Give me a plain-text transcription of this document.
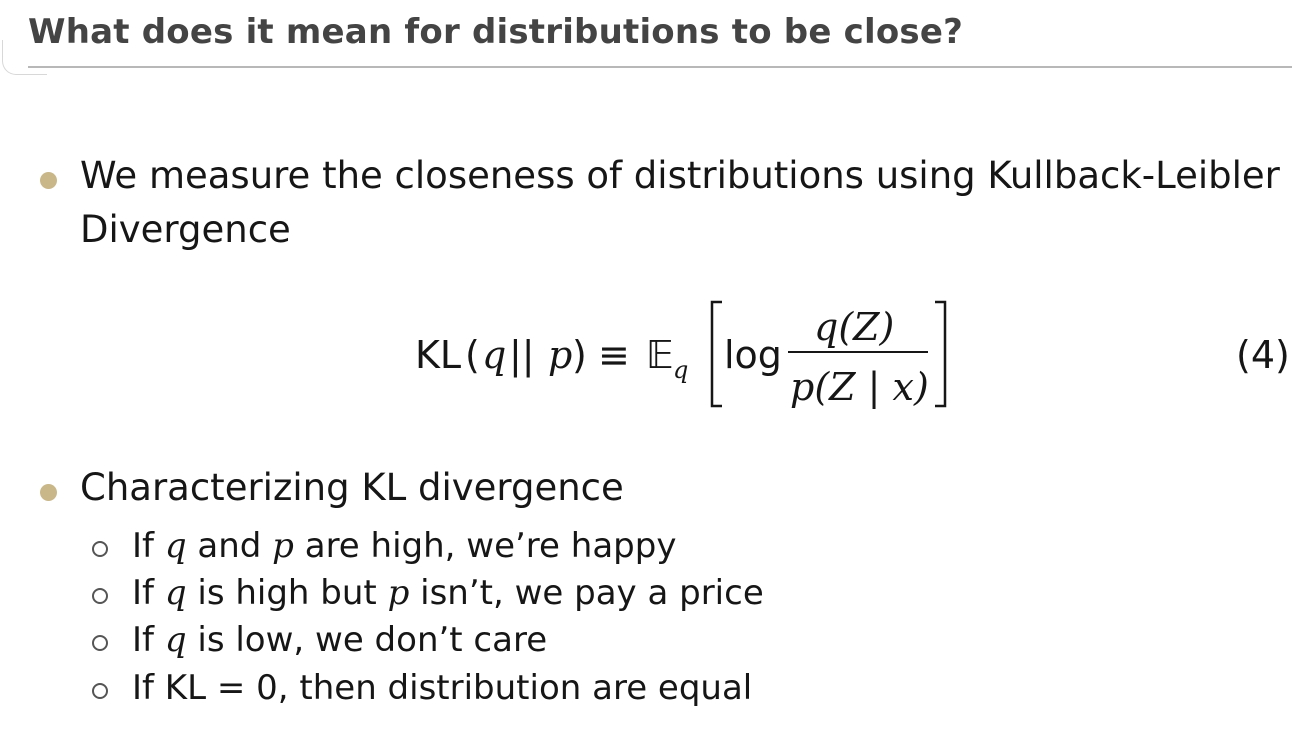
What does it mean for distributions to be close?
We measure the closeness of distributions using Kullback-Leibler
Divergence
KL ( q || p ) ≡ 𝔼 q log
q(Z)
p(Z | x)
(4)
Characterizing KL divergence
If q and p are high, we’re happy
If q is high but p isn’t, we pay a price
If q is low, we don’t care
If KL = 0, then distribution are equal
